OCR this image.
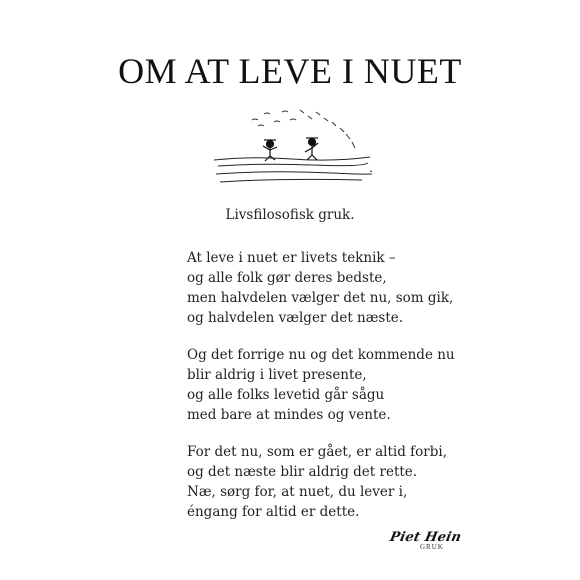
OM AT LEVE I NUET
Livsfilosofisk gruk.
At leve i nuet er livets teknik –
og alle folk gør deres bedste,
men halvdelen vælger det nu, som gik,
og halvdelen vælger det næste.
Og det forrige nu og det kommende nu
blir aldrig i livet presente,
og alle folks levetid går sågu
med bare at mindes og vente.
For det nu, som er gået, er altid forbi,
og det næste blir aldrig det rette.
Næ, sørg for, at nuet, du lever i,
éngang for altid er dette.
Piet Hein
GRUK
